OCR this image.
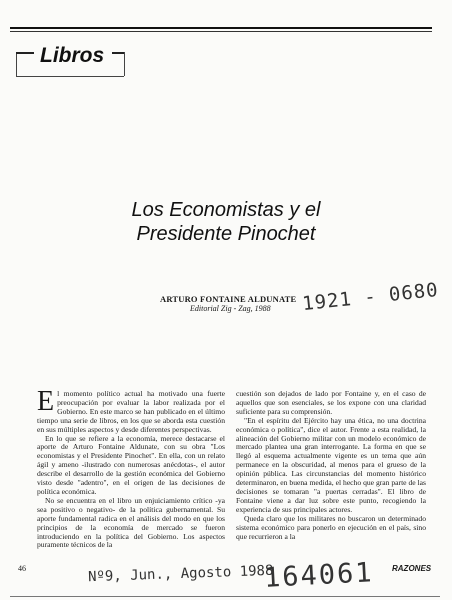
Libros
Los Economistas y el
Presidente Pinochet
ARTURO FONTAINE ALDUNATE
Editorial Zig - Zag, 1988 1921 - 0680

El momento político actual ha motivado una fuerte preocupación por evaluar la labor realizada por el Gobierno. En este marco se han publicado en el último tiempo una serie de libros, en los que se aborda esta cuestión en sus múltiples aspectos y desde diferentes perspectivas.

En lo que se refiere a la economía, merece destacarse el aporte de Arturo Fontaine Aldunate, con su obra "Los economistas y el Presidente Pinochet". En ella, con un relato ágil y ameno -ilustrado con numerosas anécdotas-, el autor describe el desarrollo de la gestión económica del Gobierno visto desde "adentro", en el origen de las decisiones de política económica.

No se encuentra en el libro un enjuiciamiento crítico -ya sea positivo o negativo- de la política gubernamental. Su aporte fundamental radica en el análisis del modo en que los principios de la economía de mercado se fueron introduciendo en la política del Gobierno. Los aspectos puramente técnicos de la

cuestión son dejados de lado por Fontaine y, en el caso de aquellos que son esenciales, se los expone con una claridad suficiente para su comprensión.

"En el espíritu del Ejército hay una ética, no una doctrina económica o política", dice el autor. Frente a esta realidad, la alineación del Gobierno militar con un modelo económico de mercado plantea una gran interrogante. La forma en que se llegó al esquema actualmente vigente es un tema que aún permanece en la obscuridad, al menos para el grueso de la opinión pública. Las circunstancias del momento histórico determinaron, en buena medida, el hecho que gran parte de las decisiones se tomaran "a puertas cerradas". El libro de Fontaine viene a dar luz sobre este punto, recogiendo la experiencia de sus principales actores.

Queda claro que los militares no buscaron un determinado sistema económico para ponerlo en ejecución en el país, sino que recurrieron a la

46	Nº9, Jun., Agosto 1988
164061 RAZONES
